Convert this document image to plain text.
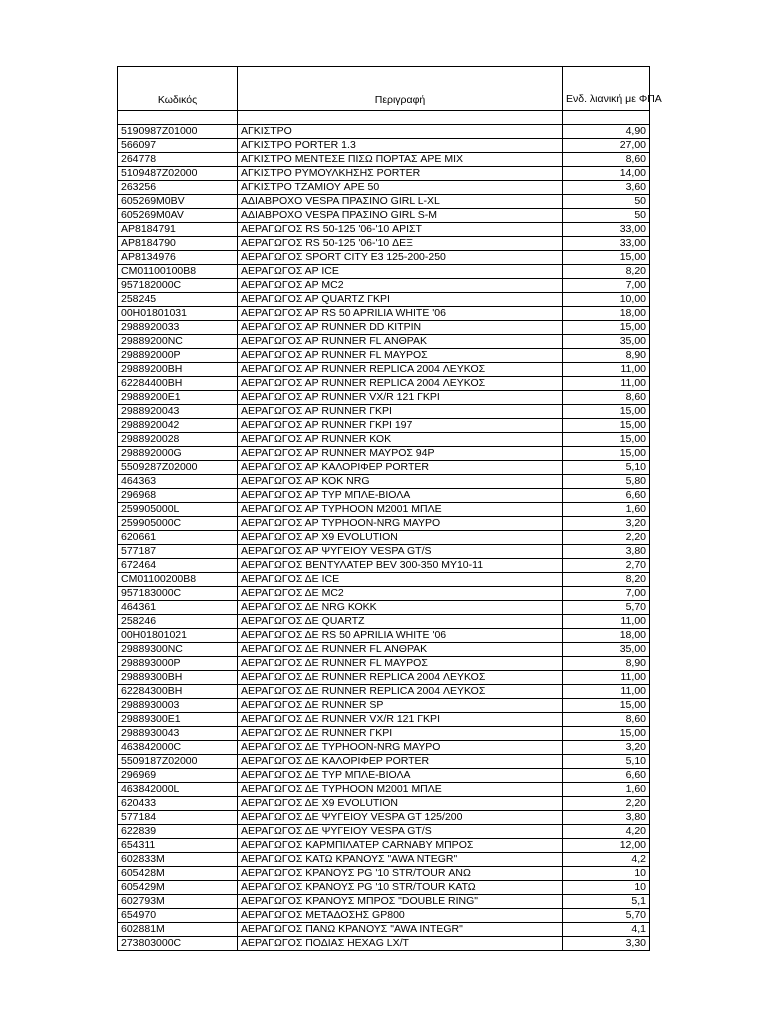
Κωδικός	Περιγραφή	Ενδ. λιανική με ΦΠΑ

5190987Z01000	ΑΓΚΙΣΤΡΟ	4,90
566097	ΑΓΚΙΣΤΡΟ PORTER 1.3	27,00
264778	ΑΓΚΙΣΤΡΟ ΜΕΝΤΕΣΕ ΠΙΣΩ ΠΟΡΤΑΣ APE MIX	8,60
5109487Z02000	ΑΓΚΙΣΤΡΟ ΡΥΜΟΥΛΚΗΣΗΣ PORTER	14,00
263256	ΑΓΚΙΣΤΡΟ ΤΖΑΜΙΟΥ APE 50	3,60
605269M0BV	ΑΔΙΑΒΡΟΧΟ VESPA ΠΡΑΣΙΝΟ GIRL L-XL	50
605269M0AV	ΑΔΙΑΒΡΟΧΟ VESPA ΠΡΑΣΙΝΟ GIRL S-M	50
AP8184791	ΑΕΡΑΓΩΓΟΣ RS 50-125 '06-'10 ΑΡΙΣΤ	33,00
AP8184790	ΑΕΡΑΓΩΓΟΣ RS 50-125 '06-'10 ΔΕΞ	33,00
AP8134976	ΑΕΡΑΓΩΓΟΣ SPORT CITY E3 125-200-250	15,00
CM01100100B8	ΑΕΡΑΓΩΓΟΣ ΑΡ ICE	8,20
957182000C	ΑΕΡΑΓΩΓΟΣ ΑΡ MC2	7,00
258245	ΑΕΡΑΓΩΓΟΣ ΑΡ QUARTZ ΓΚΡΙ	10,00
00H01801031	ΑΕΡΑΓΩΓΟΣ ΑΡ RS 50 APRILIA WHITE '06	18,00
2988920033	ΑΕΡΑΓΩΓΟΣ ΑΡ RUNNER DD KITPIN	15,00
29889200NC	ΑΕΡΑΓΩΓΟΣ ΑΡ RUNNER FL ΑΝΘΡΑΚ	35,00
298892000P	ΑΕΡΑΓΩΓΟΣ ΑΡ RUNNER FL ΜΑΥΡΟΣ	8,90
29889200BH	ΑΕΡΑΓΩΓΟΣ ΑΡ RUNNER REPLICA 2004 ΛΕΥΚΟΣ	11,00
62284400BH	ΑΕΡΑΓΩΓΟΣ ΑΡ RUNNER REPLICA 2004 ΛΕΥΚΟΣ	11,00
29889200E1	ΑΕΡΑΓΩΓΟΣ ΑΡ RUNNER VX/R 121 ΓΚΡΙ	8,60
2988920043	ΑΕΡΑΓΩΓΟΣ ΑΡ RUNNER ΓΚΡΙ	15,00
2988920042	ΑΕΡΑΓΩΓΟΣ ΑΡ RUNNER ΓΚΡΙ 197	15,00
2988920028	ΑΕΡΑΓΩΓΟΣ ΑΡ RUNNER ΚΟΚ	15,00
298892000G	ΑΕΡΑΓΩΓΟΣ ΑΡ RUNNER ΜΑΥΡΟΣ 94Ρ	15,00
5509287Z02000	ΑΕΡΑΓΩΓΟΣ ΑΡ ΚΑΛΟΡΙΦΕΡ PORTER	5,10
464363	ΑΕΡΑΓΩΓΟΣ ΑΡ ΚΟΚ NRG	5,80
296968	ΑΕΡΑΓΩΓΟΣ ΑΡ TYP ΜΠΛΕ-ΒΙΟΛΑ	6,60
259905000L	ΑΕΡΑΓΩΓΟΣ ΑΡ TYPHOON M2001 ΜΠΛΕ	1,60
259905000C	ΑΕΡΑΓΩΓΟΣ ΑΡ TYPHOON-NRG ΜΑΥΡΟ	3,20
620661	ΑΕΡΑΓΩΓΟΣ ΑΡ X9 EVOLUTION	2,20
577187	ΑΕΡΑΓΩΓΟΣ ΑΡ ΨΥΓΕΙΟΥ VESPA GT/S	3,80
672464	ΑΕΡΑΓΩΓΟΣ ΒΕΝΤΥΛΑΤΕΡ BEV 300-350 MY10-11	2,70
CM01100200B8	ΑΕΡΑΓΩΓΟΣ ΔΕ ICE	8,20
957183000C	ΑΕΡΑΓΩΓΟΣ ΔΕ MC2	7,00
464361	ΑΕΡΑΓΩΓΟΣ ΔΕ NRG ΚΟΚΚ	5,70
258246	ΑΕΡΑΓΩΓΟΣ ΔΕ QUARTZ	11,00
00H01801021	ΑΕΡΑΓΩΓΟΣ ΔΕ RS 50 APRILIA WHITE '06	18,00
29889300NC	ΑΕΡΑΓΩΓΟΣ ΔΕ RUNNER FL ΑΝΘΡΑΚ	35,00
298893000P	ΑΕΡΑΓΩΓΟΣ ΔΕ RUNNER FL ΜΑΥΡΟΣ	8,90
29889300BH	ΑΕΡΑΓΩΓΟΣ ΔΕ RUNNER REPLICA 2004 ΛΕΥΚΟΣ	11,00
62284300BH	ΑΕΡΑΓΩΓΟΣ ΔΕ RUNNER REPLICA 2004 ΛΕΥΚΟΣ	11,00
2988930003	ΑΕΡΑΓΩΓΟΣ ΔΕ RUNNER SP	15,00
29889300E1	ΑΕΡΑΓΩΓΟΣ ΔΕ RUNNER VX/R 121 ΓΚΡΙ	8,60
2988930043	ΑΕΡΑΓΩΓΟΣ ΔΕ RUNNER ΓΚΡΙ	15,00
463842000C	ΑΕΡΑΓΩΓΟΣ ΔΕ TYPHOON-NRG ΜΑΥΡΟ	3,20
5509187Z02000	ΑΕΡΑΓΩΓΟΣ ΔΕ ΚΑΛΟΡΙΦΕΡ PORTER	5,10
296969	ΑΕΡΑΓΩΓΟΣ ΔΕ TYP ΜΠΛΕ-ΒΙΟΛΑ	6,60
463842000L	ΑΕΡΑΓΩΓΟΣ ΔΕ TYPHOON M2001 ΜΠΛΕ	1,60
620433	ΑΕΡΑΓΩΓΟΣ ΔΕ X9 EVOLUTION	2,20
577184	ΑΕΡΑΓΩΓΟΣ ΔΕ ΨΥΓΕΙΟΥ VESPA GT 125/200	3,80
622839	ΑΕΡΑΓΩΓΟΣ ΔΕ ΨΥΓΕΙΟΥ VESPA GT/S	4,20
654311	ΑΕΡΑΓΩΓΟΣ ΚΑΡΜΠΙΛΑΤΕΡ CARNABY ΜΠΡΟΣ	12,00
602833M	ΑΕΡΑΓΩΓΟΣ ΚΑΤΩ ΚΡΑΝΟΥΣ "AWA NTEGR"	4,2
605428M	ΑΕΡΑΓΩΓΟΣ ΚΡΑΝΟΥΣ PG '10 STR/TOUR ΑΝΩ	10
605429M	ΑΕΡΑΓΩΓΟΣ ΚΡΑΝΟΥΣ PG '10 STR/TOUR ΚΑΤΩ	10
602793M	ΑΕΡΑΓΩΓΟΣ ΚΡΑΝΟΥΣ ΜΠΡΟΣ "DOUBLE RING"	5,1
654970	ΑΕΡΑΓΩΓΟΣ ΜΕΤΑΔΟΣΗΣ GP800	5,70
602881M	ΑΕΡΑΓΩΓΟΣ ΠΑΝΩ ΚΡΑΝΟΥΣ "AWA INTEGR"	4,1
273803000C	ΑΕΡΑΓΩΓΟΣ ΠΟΔΙΑΣ HEXAG LX/T	3,30
